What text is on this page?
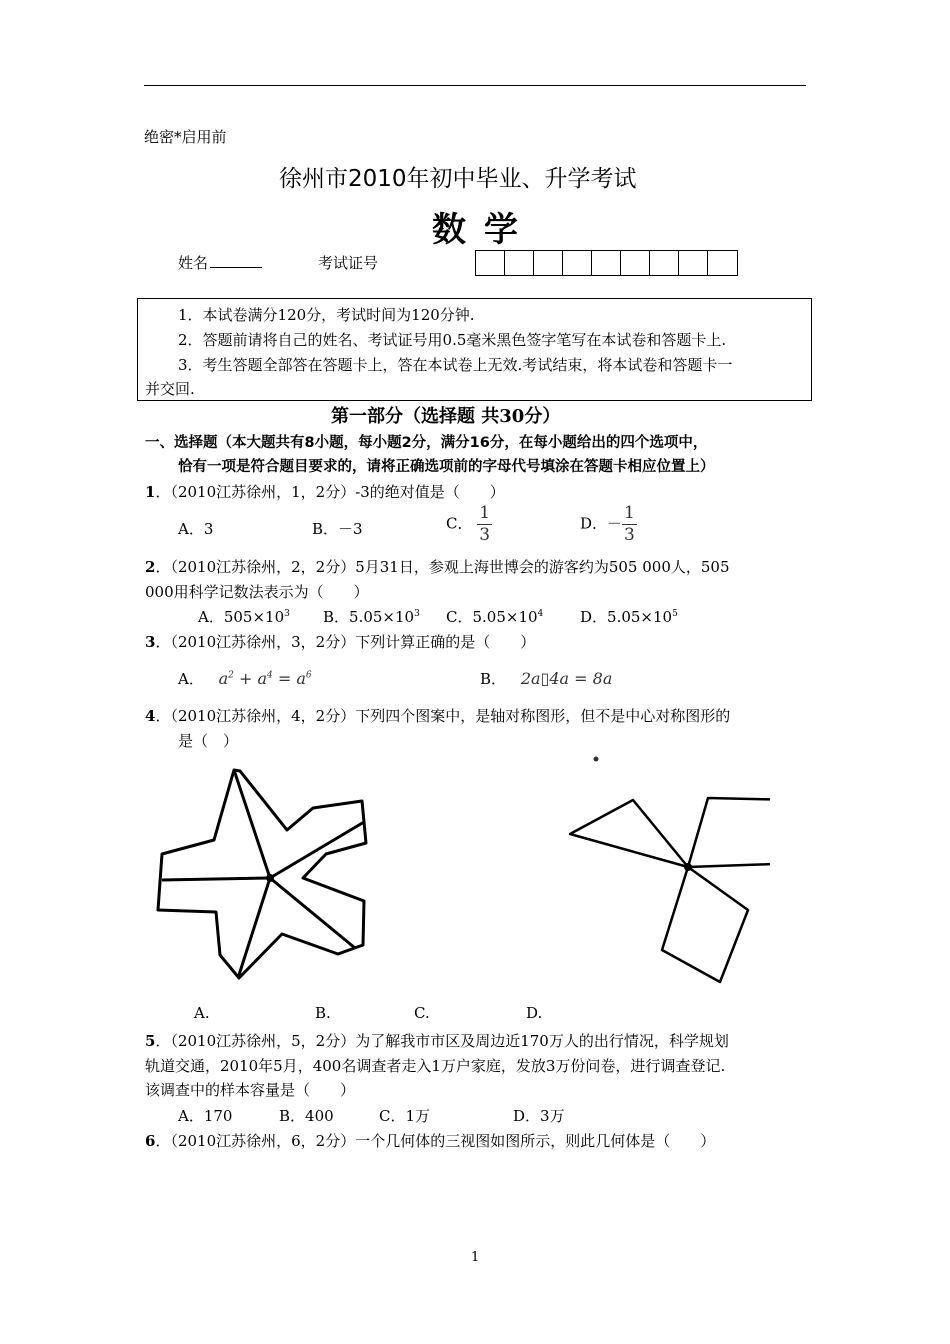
绝密*启用前
徐州市2010年初中毕业、升学考试
数学
姓名	考试证号
1．本试卷满分120分，考试时间为120分钟.
2．答题前请将自己的姓名、考试证号用0.5毫米黑色签字笔写在本试卷和答题卡上.
3．考生答题全部答在答题卡上，答在本试卷上无效.考试结束，将本试卷和答题卡一
并交回.
第一部分（选择题 共30分）
一、选择题（本大题共有8小题，每小题2分，满分16分，在每小题给出的四个选项中，
恰有一项是符合题目要求的，请将正确选项前的字母代号填涂在答题卡相应位置上）
1．（2010江苏徐州，1，2分）-3的绝对值是（　　）
A．3	B．－3	C． $\frac{1}{3}$	D．－ $\frac{1}{3}$
2．（2010江苏徐州，2，2分）5月31日，参观上海世博会的游客约为505 000人，505
000用科学记数法表示为（　　）
A．$505\times 10^3$ B．$5.05\times 10^3$ C．$5.05\times 10^4$ D．$5.05\times 10^5$
3．（2010江苏徐州，3，2分）下列计算正确的是（　　）
A． $a^2 + a^4 = a^6$	B． 2a▯4a = 8a
4．（2010江苏徐州，4，2分）下列四个图案中，是轴对称图形，但不是中心对称图形的
是（　）
A.	B.	C.	D.
5．（2010江苏徐州，5，2分）为了解我市市区及周边近170万人的出行情况，科学规划
轨道交通，2010年5月，400名调查者走入1万户家庭，发放3万份问卷，进行调查登记.
该调查中的样本容量是（　　）
A．170	B．400	C．1万	D．3万
6．（2010江苏徐州，6，2分）一个几何体的三视图如图所示，则此几何体是（　　）
1
